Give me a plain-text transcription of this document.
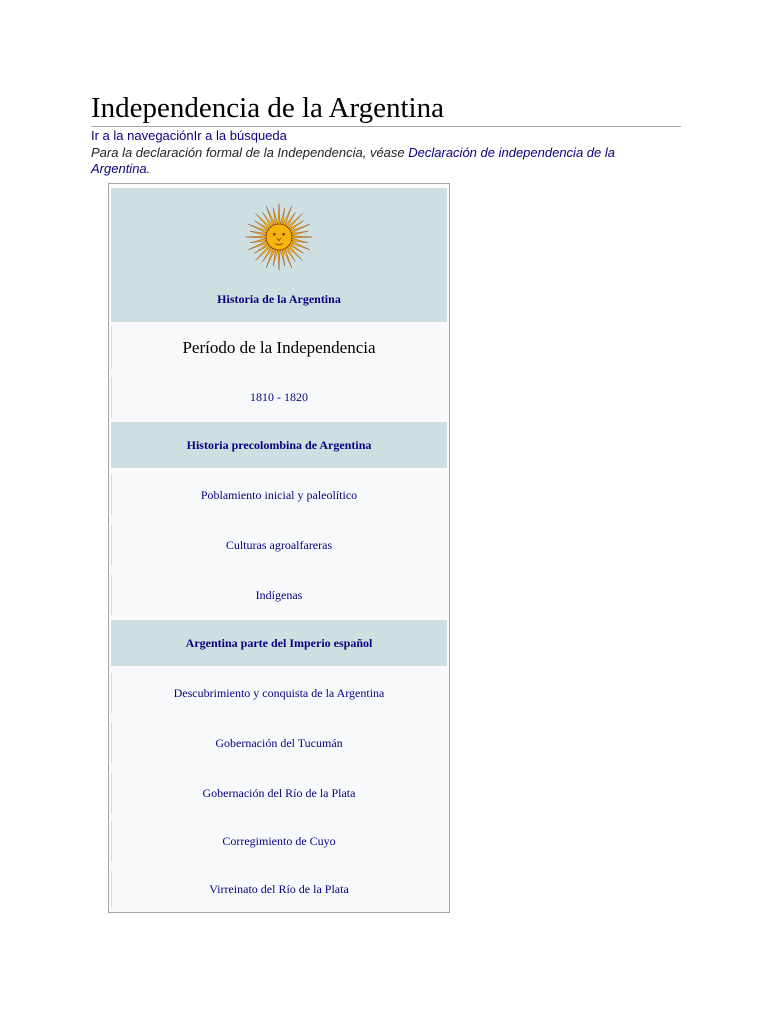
Independencia de la Argentina
Ir a la navegaciónIr a la búsqueda
Para la declaración formal de la Independencia, véase Declaración de independencia de la Argentina.
Historia de la Argentina
Período de la Independencia
1810 - 1820
Historia precolombina de Argentina
Poblamiento inicial y paleolítico
Culturas agroalfareras
Indígenas
Argentina parte del Imperio español
Descubrimiento y conquista de la Argentina
Gobernación del Tucumán
Gobernación del Río de la Plata
Corregimiento de Cuyo
Virreinato del Río de la Plata
